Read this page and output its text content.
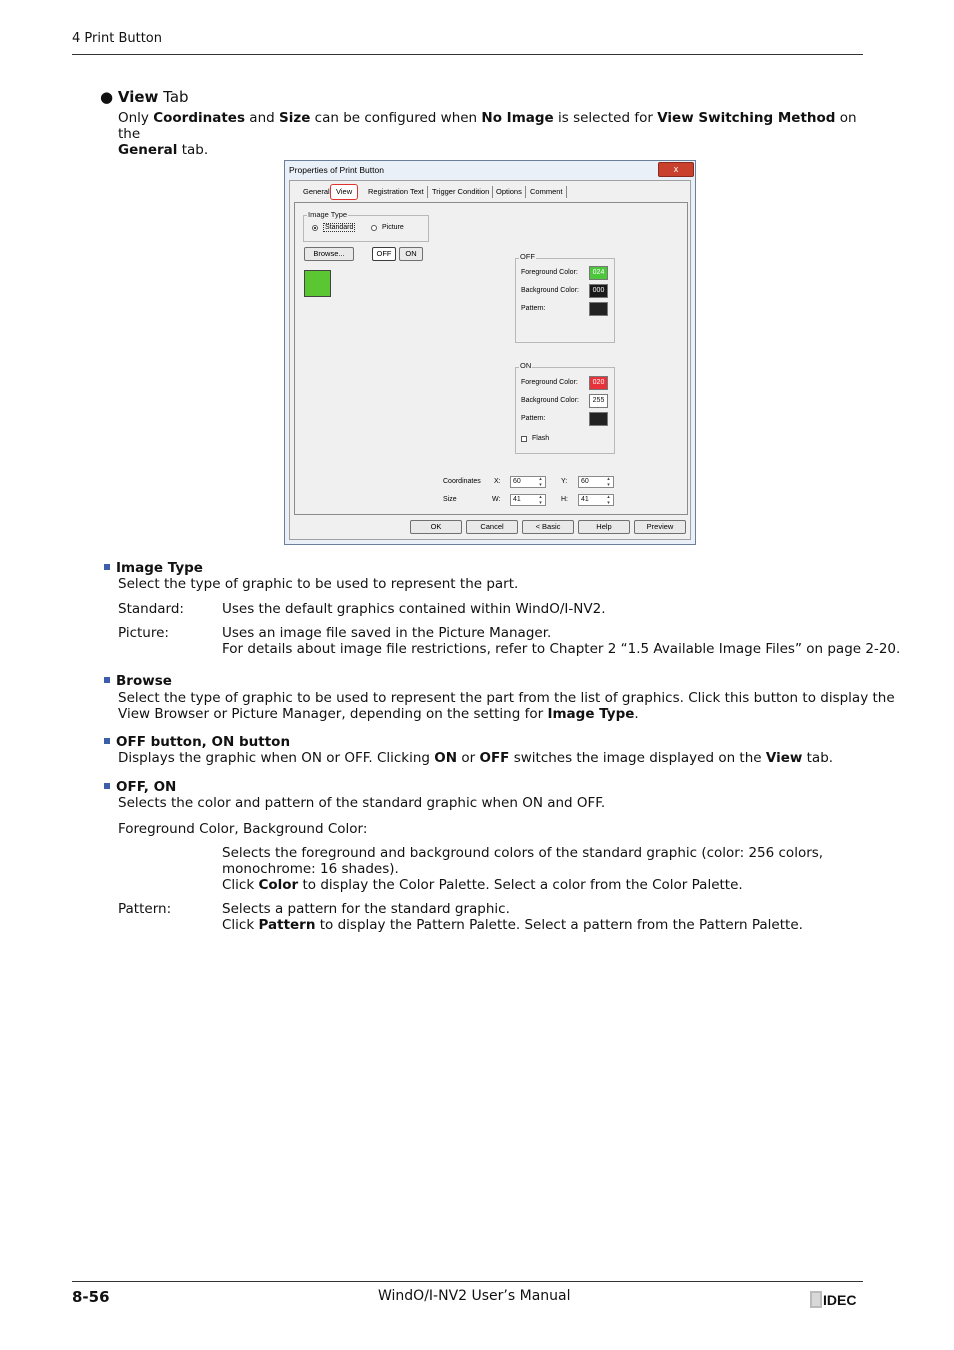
4 Print Button
● View Tab
Only Coordinates and Size can be configured when No Image is selected for View Switching Method on the
General tab.
Properties of Print Button	x
General View	Registration Text	Trigger Condition Options	Comment
Image Type
Standard	Picture
Browse...	OFF	ON	OFF
Foreground Color:	024
Background Color:	000
Pattern:
ON
Foreground Color:	020
Background Color:	255
Pattern:
Flash
Coordinates X:	60 ▴▾	Y:	60 ▴▾
Size	W:	41 ▴▾	H:	41 ▴▾
OK	Cancel	< Basic	Help	Preview
Image Type
Select the type of graphic to be used to represent the part.
Standard:	Uses the default graphics contained within WindO/I-NV2.
Picture:	Uses an image file saved in the Picture Manager.
For details about image file restrictions, refer to Chapter 2 “1.5 Available Image Files” on page 2-20.
Browse
Select the type of graphic to be used to represent the part from the list of graphics. Click this button to display the
View Browser or Picture Manager, depending on the setting for Image Type.
OFF button, ON button
Displays the graphic when ON or OFF. Clicking ON or OFF switches the image displayed on the View tab.
OFF, ON
Selects the color and pattern of the standard graphic when ON and OFF.
Foreground Color, Background Color:
Selects the foreground and background colors of the standard graphic (color: 256 colors,
monochrome: 16 shades).
Click Color to display the Color Palette. Select a color from the Color Palette.
Pattern:	Selects a pattern for the standard graphic.
Click Pattern to display the Pattern Palette. Select a pattern from the Pattern Palette.
8-56	WindO/I-NV2 User’s Manual	IDEC
